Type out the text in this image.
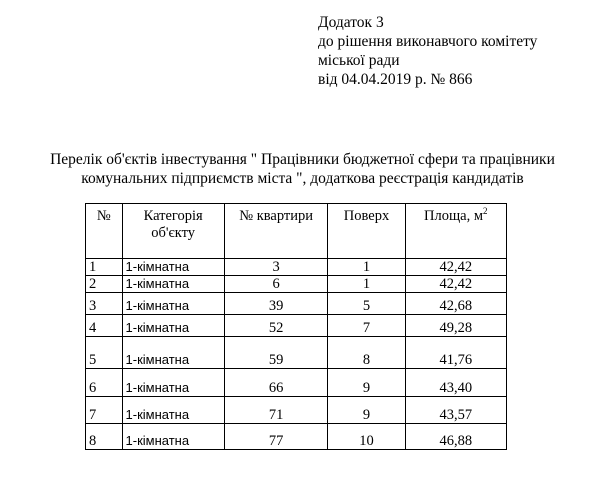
Додаток 3
до рішення виконавчого комітету
міської ради
від 04.04.2019 р. № 866
Перелік об'єктів інвестування " Працівники бюджетної сфери та працівники
комунальних підприємств міста ", додаткова реєстрація кандидатів
№	Категорія
об'єкту	№ квартири	Поверх	Площа, $м^2$
1	1-кімнатна	3	1	42,42
2	1-кімнатна	6	1	42,42
3	1-кімнатна	39	5	42,68
4	1-кімнатна	52	7	49,28
5	1-кімнатна	59	8	41,76
6	1-кімнатна	66	9	43,40
7	1-кімнатна	71	9	43,57
8	1-кімнатна	77	10	46,88
